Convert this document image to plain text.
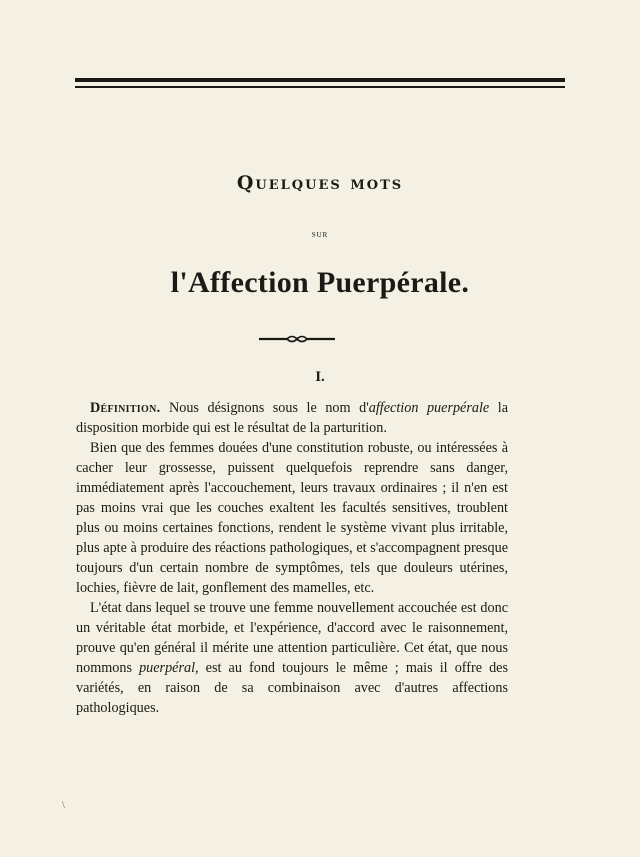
Quelques mots
sur
l'Affection Puerpérale.
I.

Définition. Nous désignons sous le nom d'affection puerpérale la disposition morbide qui est le résultat de la parturition.

Bien que des femmes douées d'une constitution robuste, ou intéressées à cacher leur grossesse, puissent quelquefois reprendre sans danger, immédiatement après l'accouchement, leurs travaux ordinaires ; il n'en est pas moins vrai que les couches exaltent les facultés sensitives, troublent plus ou moins certaines fonctions, rendent le système vivant plus irritable, plus apte à produire des réactions pathologiques, et s'accompagnent presque toujours d'un certain nombre de symptômes, tels que douleurs utérines, lochies, fièvre de lait, gonflement des mamelles, etc.

L'état dans lequel se trouve une femme nouvellement accouchée est donc un véritable état morbide, et l'expérience, d'accord avec le raisonnement, prouve qu'en général il mérite une attention particulière. Cet état, que nous nommons puerpéral, est au fond toujours le même ; mais il offre des variétés, en raison de sa combinaison avec d'autres affections pathologiques.

\
